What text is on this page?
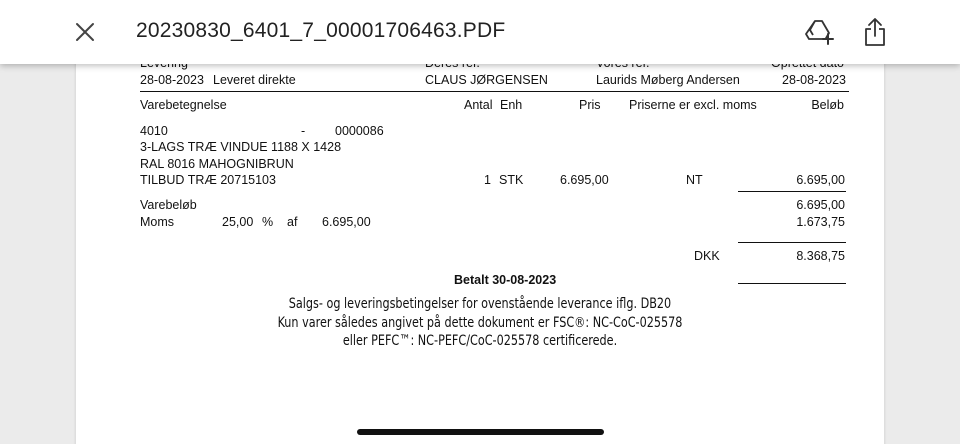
28-08-2023 Leveret direkte	CLAUS JØRGENSEN	Laurids Møberg Andersen	28-08-2023
Varebetegnelse	Antal Enh	Pris Priserne er excl. moms	Beløb
4010	- 0000086
3-LAGS TRÆ VINDUE 1188 X 1428
RAL 8016 MAHOGNIBRUN
TILBUD TRÆ 20715103	1 STK	6.695,00	NT	6.695,00
Varebeløb	6.695,00
Moms	25,00 % af 6.695,00	1.673,75
DKK	8.368,75
Betalt 30-08-2023
Salgs- og leveringsbetingelser for ovenstående leverance iflg. DB20
Kun varer således angivet på dette dokument er FSC®: NC-CoC-025578
eller PEFC™: NC-PEFC/CoC-025578 certificerede.
20230830_6401_7_00001706463.PDF
